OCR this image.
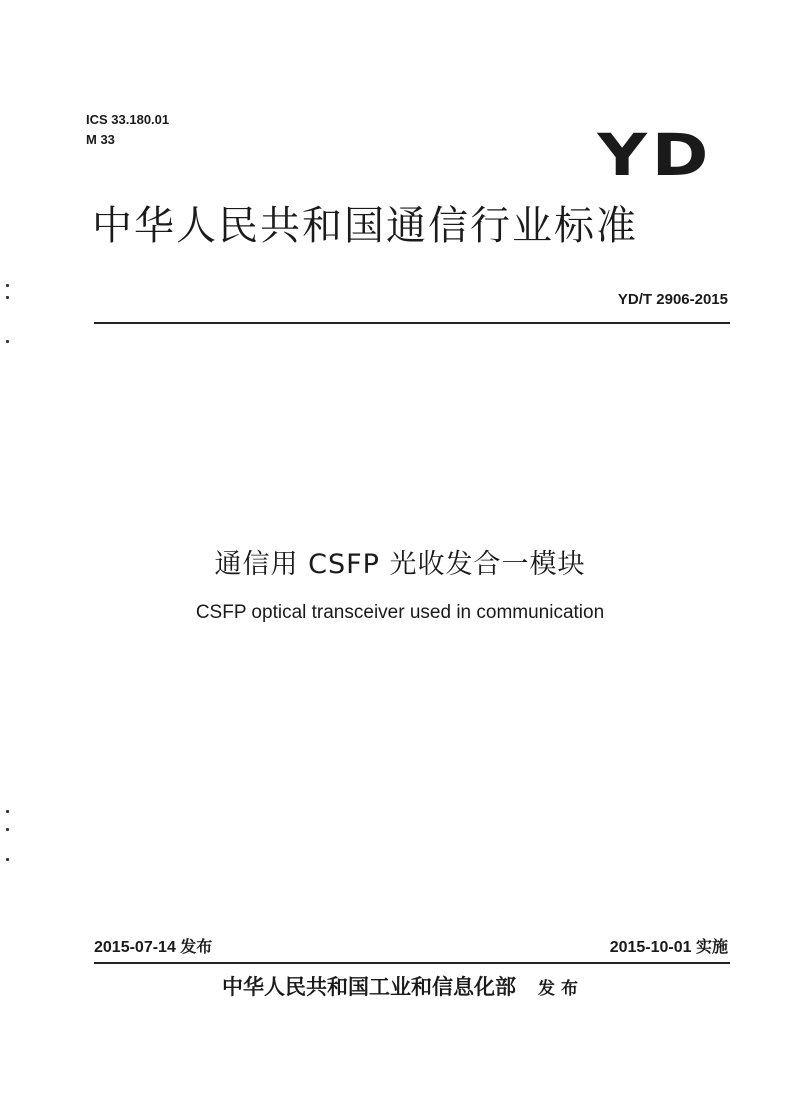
ICS 33.180.01
M 33	YD
中华人民共和国通信行业标准
YD/T 2906-2015
通信用 CSFP 光收发合一模块
CSFP optical transceiver used in communication
2015-07-14 发布	2015-10-01 实施
中华人民共和国工业和信息化部 发 布
